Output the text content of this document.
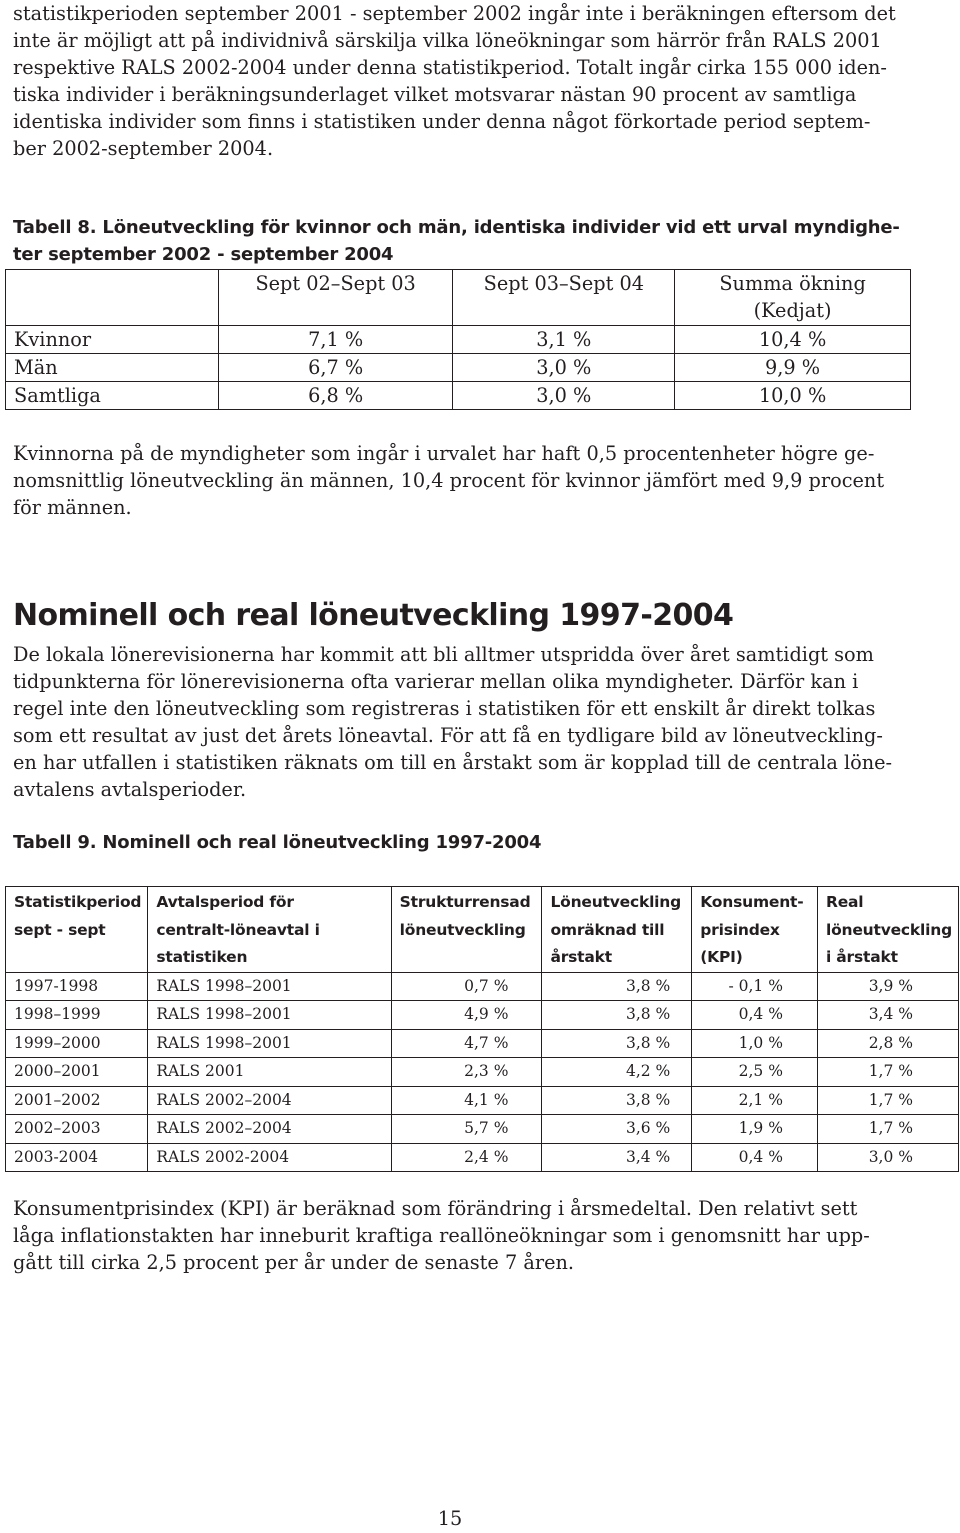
statistikperioden september 2001 - september 2002 ingår inte i beräkningen eftersom det
inte är möjligt att på individnivå särskilja vilka löneökningar som härrör från RALS 2001
respektive RALS 2002-2004 under denna statistikperiod. Totalt ingår cirka 155 000 iden-
tiska individer i beräkningsunderlaget vilket motsvarar nästan 90 procent av samtliga
identiska individer som finns i statistiken under denna något förkortade period septem-
ber 2002-september 2004.
Tabell 8. Löneutveckling för kvinnor och män, identiska individer vid ett urval myndighe-
ter september 2002 - september 2004
	Sept 02–Sept 03	Sept 03–Sept 04	Summa ökning (Kedjat)
Kvinnor	7,1 %	3,1 %	10,4 %
Män	6,7 %	3,0 %	9,9 %
Samtliga	6,8 %	3,0 %	10,0 %
Kvinnorna på de myndigheter som ingår i urvalet har haft 0,5 procentenheter högre ge-
nomsnittlig löneutveckling än männen, 10,4 procent för kvinnor jämfört med 9,9 procent
för männen.
Nominell och real löneutveckling 1997-2004
De lokala lönerevisionerna har kommit att bli alltmer utspridda över året samtidigt som
tidpunkterna för lönerevisionerna ofta varierar mellan olika myndigheter. Därför kan i
regel inte den löneutveckling som registreras i statistiken för ett enskilt år direkt tolkas
som ett resultat av just det årets löneavtal. För att få en tydligare bild av löneutveckling-
en har utfallen i statistiken räknats om till en årstakt som är kopplad till de centrala löne-
avtalens avtalsperioder.
Tabell 9. Nominell och real löneutveckling 1997-2004
Statistikperiod sept - sept	Avtalsperiod för centralt-löneavtal i statistiken	Strukturrensad löneutveckling	Löneutveckling omräknad till årstakt	Konsument-prisindex (KPI)	Real löneutveckling i årstakt
1997-1998	RALS 1998–2001	0,7 %	3,8 %	- 0,1 %	3,9 %
1998–1999	RALS 1998–2001	4,9 %	3,8 %	0,4 %	3,4 %
1999–2000	RALS 1998–2001	4,7 %	3,8 %	1,0 %	2,8 %
2000–2001	RALS 2001	2,3 %	4,2 %	2,5 %	1,7 %
2001–2002	RALS 2002–2004	4,1 %	3,8 %	2,1 %	1,7 %
2002–2003	RALS 2002–2004	5,7 %	3,6 %	1,9 %	1,7 %
2003-2004	RALS 2002-2004	2,4 %	3,4 %	0,4 %	3,0 %
Konsumentprisindex (KPI) är beräknad som förändring i årsmedeltal. Den relativt sett
låga inflationstakten har inneburit kraftiga reallöneökningar som i genomsnitt har upp-
gått till cirka 2,5 procent per år under de senaste 7 åren.
15
